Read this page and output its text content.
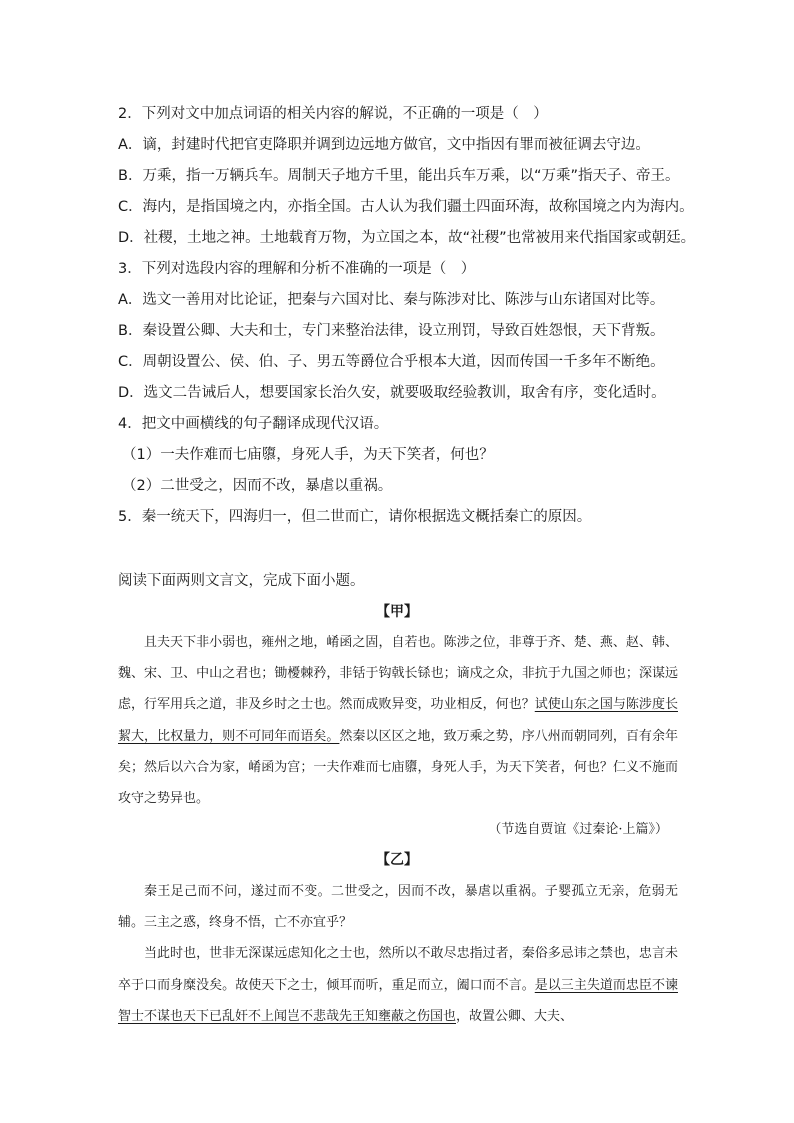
2．下列对文中加点词语的相关内容的解说，不正确的一项是（　）
A．谪，封建时代把官吏降职并调到边远地方做官，文中指因有罪而被征调去守边。
B．万乘，指一万辆兵车。周制天子地方千里，能出兵车万乘，以“万乘”指天子、帝王。
C．海内，是指国境之内，亦指全国。古人认为我们疆土四面环海，故称国境之内为海内。
D．社稷，土地之神。土地载育万物，为立国之本，故“社稷”也常被用来代指国家或朝廷。
3．下列对选段内容的理解和分析不准确的一项是（　）
A．选文一善用对比论证，把秦与六国对比、秦与陈涉对比、陈涉与山东诸国对比等。
B．秦设置公卿、大夫和士，专门来整治法律，设立刑罚，导致百姓怨恨，天下背叛。
C．周朝设置公、侯、伯、子、男五等爵位合乎根本大道，因而传国一千多年不断绝。
D．选文二告诫后人，想要国家长治久安，就要吸取经验教训，取舍有序，变化适时。
4．把文中画横线的句子翻译成现代汉语。
（1）一夫作难而七庙隳，身死人手，为天下笑者，何也？
（2）二世受之，因而不改，暴虐以重祸。
5．秦一统天下，四海归一，但二世而亡，请你根据选文概括秦亡的原因。
阅读下面两则文言文，完成下面小题。
【甲】

且夫天下非小弱也，雍州之地，崤函之固，自若也。陈涉之位，非尊于齐、楚、燕、赵、韩、魏、宋、卫、中山之君也；锄櫌棘矜，非铦于钩戟长铩也；谪戍之众，非抗于九国之师也；深谋远虑，行军用兵之道，非及乡时之士也。然而成败异变，功业相反，何也？试使山东之国与陈涉度长絜大，比权量力，则不可同年而语矣。然秦以区区之地，致万乘之势，序八州而朝同列，百有余年矣；然后以六合为家，崤函为宫；一夫作难而七庙隳，身死人手，为天下笑者，何也？仁义不施而攻守之势异也。

（节选自贾谊《过秦论·上篇》）
【乙】

秦王足己而不问，遂过而不变。二世受之，因而不改，暴虐以重祸。子婴孤立无亲，危弱无辅。三主之惑，终身不悟，亡不亦宜乎？

当此时也，世非无深谋远虑知化之士也，然所以不敢尽忠指过者，秦俗多忌讳之禁也，忠言未卒于口而身糜没矣。故使天下之士，倾耳而听，重足而立，阖口而不言。是以三主失道而忠臣不谏智士不谋也天下已乱奸不上闻岂不悲哉先王知壅蔽之伤国也，故置公卿、大夫、
